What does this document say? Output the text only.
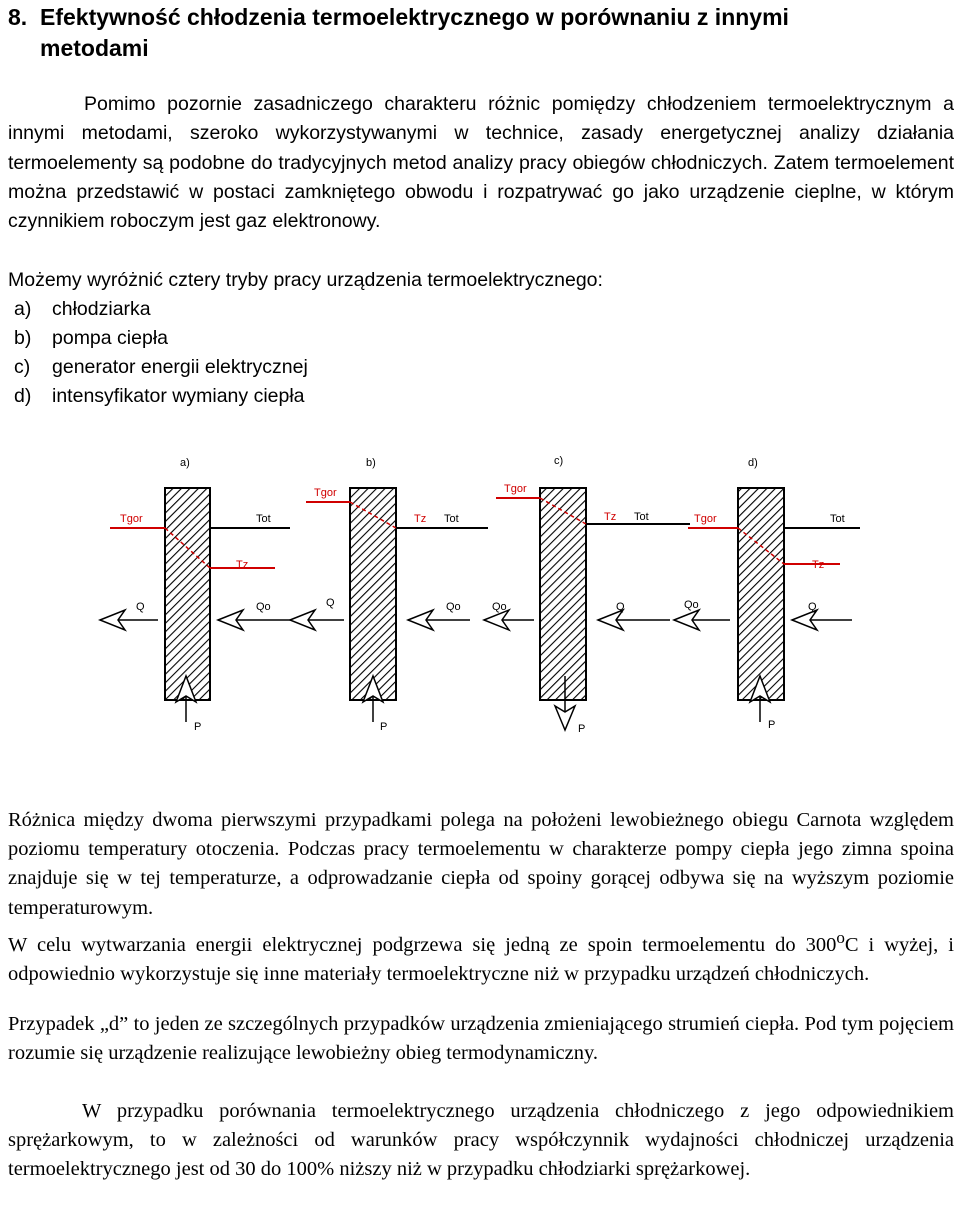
8. Efektywność chłodzenia termoelektrycznego w porównaniu z innymi
metodami

Pomimo pozornie zasadniczego charakteru różnic pomiędzy chłodzeniem termoelektrycznym a innymi metodami, szeroko wykorzystywanymi w technice, zasady energetycznej analizy działania termoelementy są podobne do tradycyjnych metod analizy pracy obiegów chłodniczych. Zatem termoelement można przedstawić w postaci zamkniętego obwodu i rozpatrywać go jako urządzenie cieplne, w którym czynnikiem roboczym jest gaz elektronowy.

Możemy wyróżnić cztery tryby pracy urządzenia termoelektrycznego:
a) chłodziarka
b) pompa ciepła
c) generator energii elektrycznej
d) intensyfikator wymiany ciepła
a)
Tgor	Tot
Tz
Q	Qo
P
b)
Tgor
Tz Tot
Q	Qo
P
c)
Tgor
Tz Tot
Qo	Q
P
d)
Tgor	Tot
Tz
Qo	Q
P

Różnica między dwoma pierwszymi przypadkami polega na położeni lewobieżnego obiegu Carnota względem poziomu temperatury otoczenia. Podczas pracy termoelementu w charakterze pompy ciepła jego zimna spoina znajduje się w tej temperaturze, a odprowadzanie ciepła od spoiny gorącej odbywa się na wyższym poziomie temperaturowym.

W celu wytwarzania energii elektrycznej podgrzewa się jedną ze spoin termoelementu do 300$^o$C i wyżej, i odpowiednio wykorzystuje się inne materiały termoelektryczne niż w przypadku urządzeń chłodniczych.

Przypadek „d” to jeden ze szczególnych przypadków urządzenia zmieniającego strumień ciepła. Pod tym pojęciem rozumie się urządzenie realizujące lewobieżny obieg termodynamiczny.

W przypadku porównania termoelektrycznego urządzenia chłodniczego z jego odpowiednikiem sprężarkowym, to w zależności od warunków pracy współczynnik wydajności chłodniczej urządzenia termoelektrycznego jest od 30 do 100% niższy niż w przypadku chłodziarki sprężarkowej.
